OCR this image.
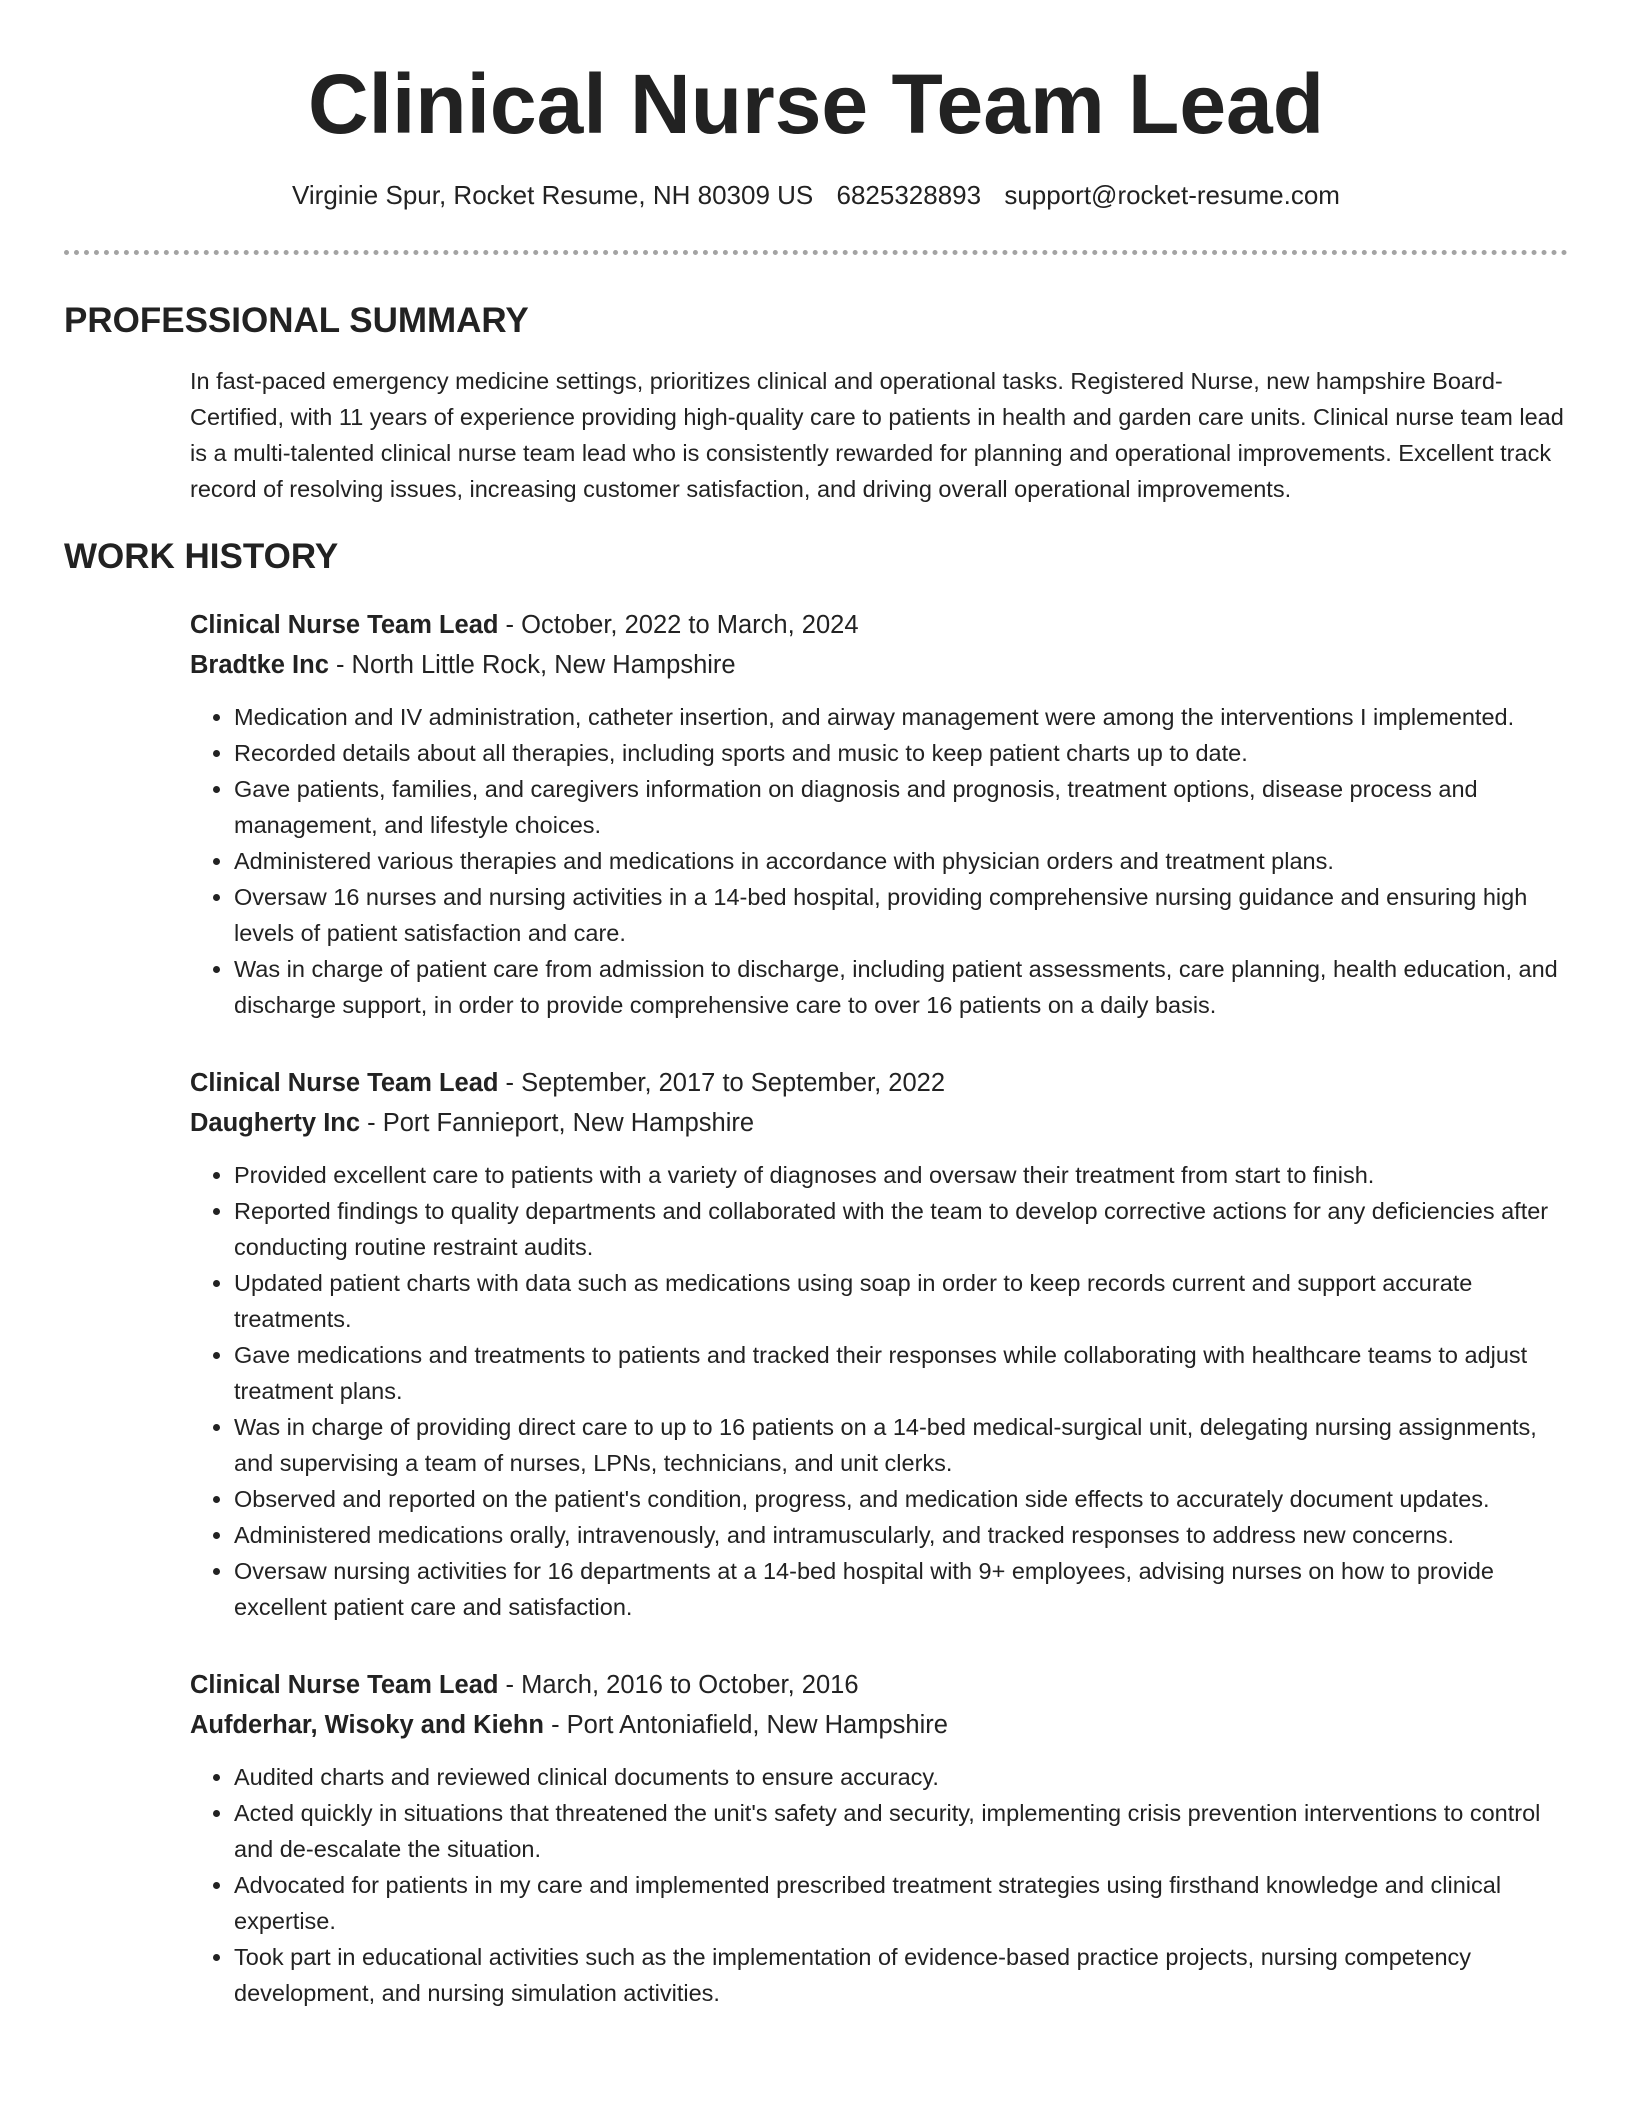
Clinical Nurse Team Lead
Virginie Spur, Rocket Resume, NH 80309 US 6825328893 support@rocket-resume.com
PROFESSIONAL SUMMARY
In fast-paced emergency medicine settings, prioritizes clinical and operational tasks. Registered Nurse, new hampshire Board-Certified, with 11 years of experience providing high-quality care to patients in health and garden care units. Clinical nurse team lead is a multi-talented clinical nurse team lead who is consistently rewarded for planning and operational improvements. Excellent track record of resolving issues, increasing customer satisfaction, and driving overall operational improvements.
WORK HISTORY
Clinical Nurse Team Lead - October, 2022 to March, 2024
Bradtke Inc - North Little Rock, New Hampshire
• Medication and IV administration, catheter insertion, and airway management were among the interventions I implemented.
• Recorded details about all therapies, including sports and music to keep patient charts up to date.
• Gave patients, families, and caregivers information on diagnosis and prognosis, treatment options, disease process and management, and lifestyle choices.
• Administered various therapies and medications in accordance with physician orders and treatment plans.
• Oversaw 16 nurses and nursing activities in a 14-bed hospital, providing comprehensive nursing guidance and ensuring high levels of patient satisfaction and care.
• Was in charge of patient care from admission to discharge, including patient assessments, care planning, health education, and discharge support, in order to provide comprehensive care to over 16 patients on a daily basis.
Clinical Nurse Team Lead - September, 2017 to September, 2022
Daugherty Inc - Port Fannieport, New Hampshire
• Provided excellent care to patients with a variety of diagnoses and oversaw their treatment from start to finish.
• Reported findings to quality departments and collaborated with the team to develop corrective actions for any deficiencies after conducting routine restraint audits.
• Updated patient charts with data such as medications using soap in order to keep records current and support accurate treatments.
• Gave medications and treatments to patients and tracked their responses while collaborating with healthcare teams to adjust treatment plans.
• Was in charge of providing direct care to up to 16 patients on a 14-bed medical-surgical unit, delegating nursing assignments, and supervising a team of nurses, LPNs, technicians, and unit clerks.
• Observed and reported on the patient's condition, progress, and medication side effects to accurately document updates.
• Administered medications orally, intravenously, and intramuscularly, and tracked responses to address new concerns.
• Oversaw nursing activities for 16 departments at a 14-bed hospital with 9+ employees, advising nurses on how to provide excellent patient care and satisfaction.
Clinical Nurse Team Lead - March, 2016 to October, 2016
Aufderhar, Wisoky and Kiehn - Port Antoniafield, New Hampshire
• Audited charts and reviewed clinical documents to ensure accuracy.
• Acted quickly in situations that threatened the unit's safety and security, implementing crisis prevention interventions to control and de-escalate the situation.
• Advocated for patients in my care and implemented prescribed treatment strategies using firsthand knowledge and clinical expertise.
• Took part in educational activities such as the implementation of evidence-based practice projects, nursing competency development, and nursing simulation activities.
